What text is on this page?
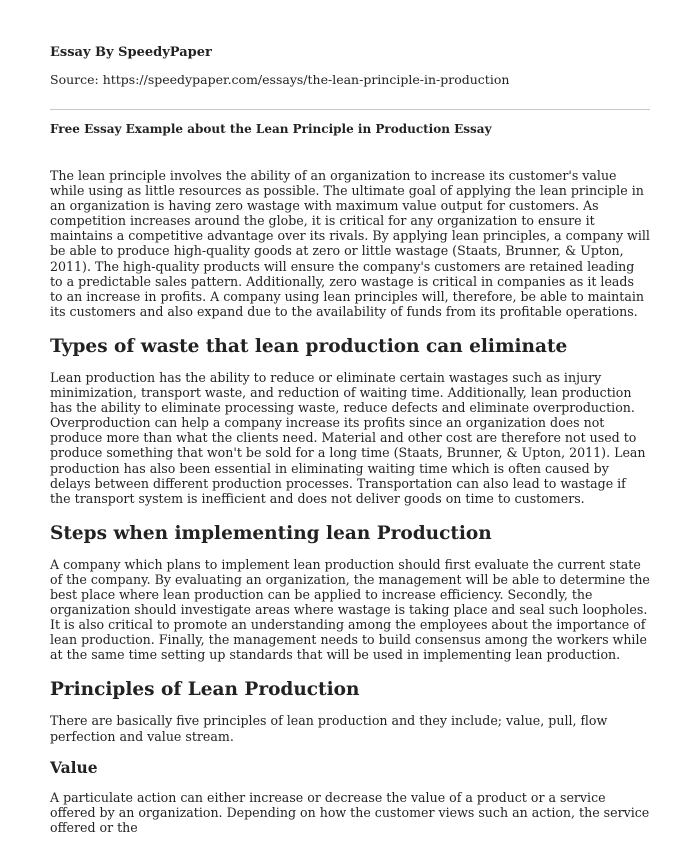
Essay By SpeedyPaper
Source: https://speedypaper.com/essays/the-lean-principle-in-production
Free Essay Example about the Lean Principle in Production Essay

The lean principle involves the ability of an organization to increase its customer's value while using as little resources as possible. The ultimate goal of applying the lean principle in an organization is having zero wastage with maximum value output for customers. As competition increases around the globe, it is critical for any organization to ensure it maintains a competitive advantage over its rivals. By applying lean principles, a company will be able to produce high-quality goods at zero or little wastage (Staats, Brunner, & Upton, 2011). The high-quality products will ensure the company's customers are retained leading to a predictable sales pattern. Additionally, zero wastage is critical in companies as it leads to an increase in profits. A company using lean principles will, therefore, be able to maintain its customers and also expand due to the availability of funds from its profitable operations.

Types of waste that lean production can eliminate

Lean production has the ability to reduce or eliminate certain wastages such as injury minimization, transport waste, and reduction of waiting time. Additionally, lean production has the ability to eliminate processing waste, reduce defects and eliminate overproduction. Overproduction can help a company increase its profits since an organization does not produce more than what the clients need. Material and other cost are therefore not used to produce something that won't be sold for a long time (Staats, Brunner, & Upton, 2011). Lean production has also been essential in eliminating waiting time which is often caused by delays between different production processes. Transportation can also lead to wastage if the transport system is inefficient and does not deliver goods on time to customers.

Steps when implementing lean Production

A company which plans to implement lean production should first evaluate the current state of the company. By evaluating an organization, the management will be able to determine the best place where lean production can be applied to increase efficiency. Secondly, the organization should investigate areas where wastage is taking place and seal such loopholes. It is also critical to promote an understanding among the employees about the importance of lean production. Finally, the management needs to build consensus among the workers while at the same time setting up standards that will be used in implementing lean production.

Principles of Lean Production

There are basically five principles of lean production and they include; value, pull, flow perfection and value stream.

Value

A particulate action can either increase or decrease the value of a product or a service offered by an organization. Depending on how the customer views such an action, the service offered or the
